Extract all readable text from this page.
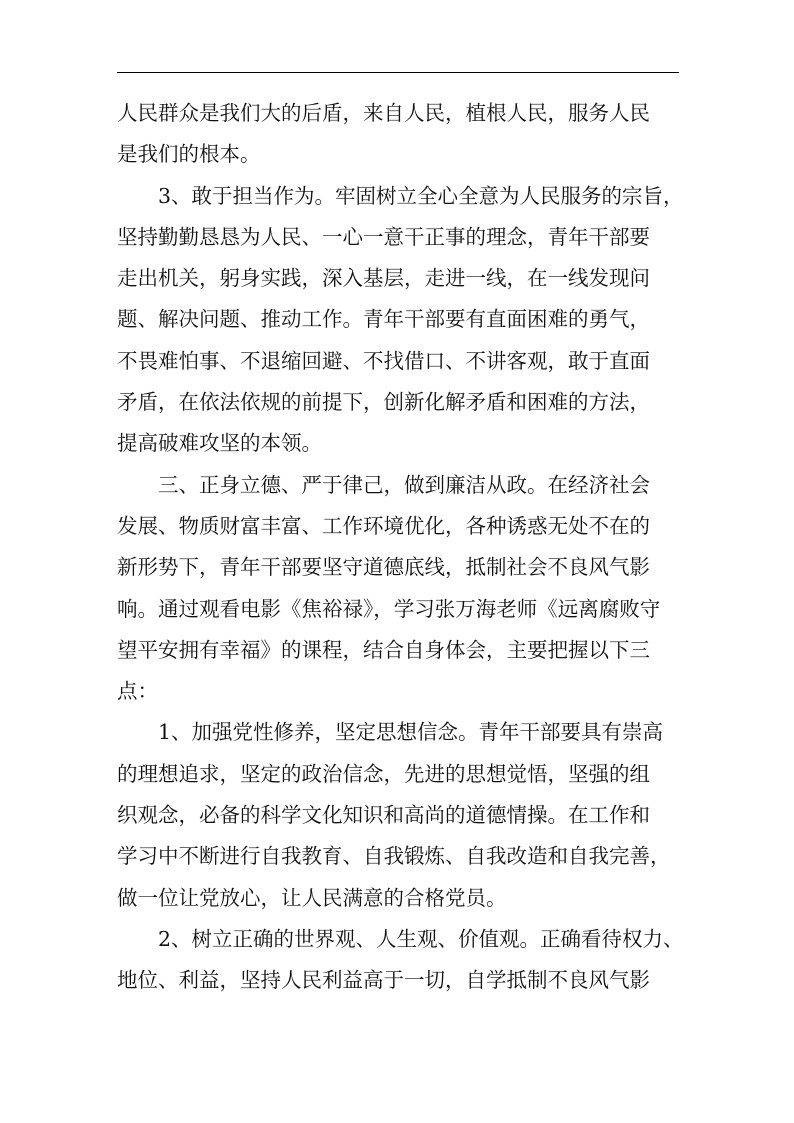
人民群众是我们大的后盾，来自人民，植根人民，服务人民
是我们的根本。
3、敢于担当作为。牢固树立全心全意为人民服务的宗旨，
坚持勤勤恳恳为人民、一心一意干正事的理念，青年干部要
走出机关，躬身实践，深入基层，走进一线，在一线发现问
题、解决问题、推动工作。青年干部要有直面困难的勇气，
不畏难怕事、不退缩回避、不找借口、不讲客观，敢于直面
矛盾，在依法依规的前提下，创新化解矛盾和困难的方法，
提高破难攻坚的本领。
三、正身立德、严于律己，做到廉洁从政。在经济社会
发展、物质财富丰富、工作环境优化，各种诱惑无处不在的
新形势下，青年干部要坚守道德底线，抵制社会不良风气影
响。通过观看电影《焦裕禄》，学习张万海老师《远离腐败守
望平安拥有幸福》的课程，结合自身体会，主要把握以下三
点：
1、加强党性修养，坚定思想信念。青年干部要具有崇高
的理想追求，坚定的政治信念，先进的思想觉悟，坚强的组
织观念，必备的科学文化知识和高尚的道德情操。在工作和
学习中不断进行自我教育、自我锻炼、自我改造和自我完善，
做一位让党放心，让人民满意的合格党员。
2、树立正确的世界观、人生观、价值观。正确看待权力、
地位、利益，坚持人民利益高于一切，自学抵制不良风气影
